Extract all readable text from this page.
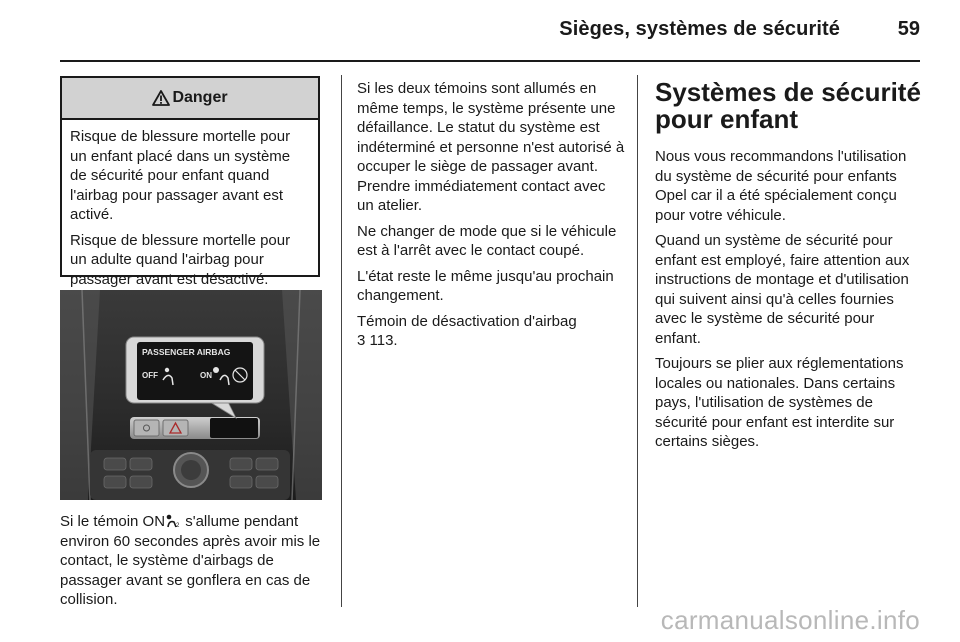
Sièges, systèmes de sécurité	59
Danger

Risque de blessure mortelle pour un enfant placé dans un système de sécurité pour enfant quand l'airbag pour passager avant est activé.

Risque de blessure mortelle pour un adulte quand l'airbag pour passager avant est désactivé.

PASSENGER AIRBAG
OFF	ON

Si le témoin ON 2 s'allume pendant environ 60 secondes après avoir mis le contact, le système d'airbags de passager avant se gonflera en cas de collision.

Si les deux témoins sont allumés en même temps, le système présente une défaillance. Le statut du système est indéterminé et personne n'est autorisé à occuper le siège de passager avant. Prendre immédiatement contact avec un atelier.

Ne changer de mode que si le véhicule est à l'arrêt avec le contact coupé.

L'état reste le même jusqu'au prochain changement.

Témoin de désactivation d'airbag
3 113.

Systèmes de sécurité pour enfant

Nous vous recommandons l'utilisation du système de sécurité pour enfants Opel car il a été spécialement conçu pour votre véhicule.

Quand un système de sécurité pour enfant est employé, faire attention aux instructions de montage et d'utilisation qui suivent ainsi qu'à celles fournies avec le système de sécurité pour enfant.

Toujours se plier aux réglementations locales ou nationales. Dans certains pays, l'utilisation de systèmes de sécurité pour enfant est interdite sur certains sièges.

carmanualsonline.info
